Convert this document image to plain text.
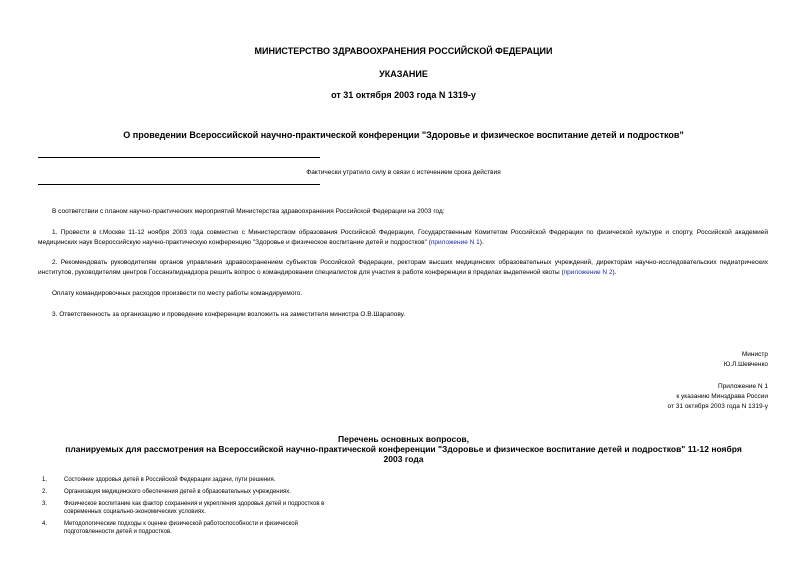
МИНИСТЕРСТВО ЗДРАВООХРАНЕНИЯ РОССИЙСКОЙ ФЕДЕРАЦИИ
УКАЗАНИЕ
от 31 октября 2003 года N 1319-у
О проведении Всероссийской научно-практической конференции "Здоровье и физическое воспитание детей и подростков"
Фактически утратило силу в связи с истечением срока действия
В соответствии с планом научно-практических мероприятий Министерства здравоохранения Российской Федерации на 2003 год:
1. Провести в г.Москве 11-12 ноября 2003 года совместно с Министерством образования Российской Федерации, Государственным Комитетом Российской Федерации по физической культуре и спорту, Российской академией медицинских наук Всероссийскую научно-практическую конференцию "Здоровье и физическое воспитание детей и подростков" (приложение N 1).
2. Рекомендовать руководителям органов управления здравоохранением субъектов Российской Федерации, ректорам высших медицинских образовательных учреждений, директорам научно-исследовательских педиатрических институтов, руководителям центров Госсанэпиднадзора решить вопрос о командировании специалистов для участия в работе конференции в пределах выделенной квоты (приложение N 2).
Оплату командировочных расходов произвести по месту работы командируемого.
3. Ответственность за организацию и проведение конференции возложить на заместителя министра О.В.Шарапову.
Министр
Ю.Л.Шевченко
Приложение N 1
к указанию Минздрава России
от 31 октября 2003 года N 1319-у
Перечень основных вопросов,
планируемых для рассмотрения на Всероссийской научно-практической конференции "Здоровье и физическое воспитание детей и подростков" 11-12 ноября
2003 года
1.	Состояние здоровья детей в Российской Федерации задачи, пути решения.
2.	Организация медицинского обеспечения детей в образовательных учреждениях.
3.	Физическое воспитание как фактор сохранения и укрепления здоровья детей и подростков в современных социально-экономических условиях.
4.	Методологические подходы к оценке физической работоспособности и физической подготовленности детей и подростков.
